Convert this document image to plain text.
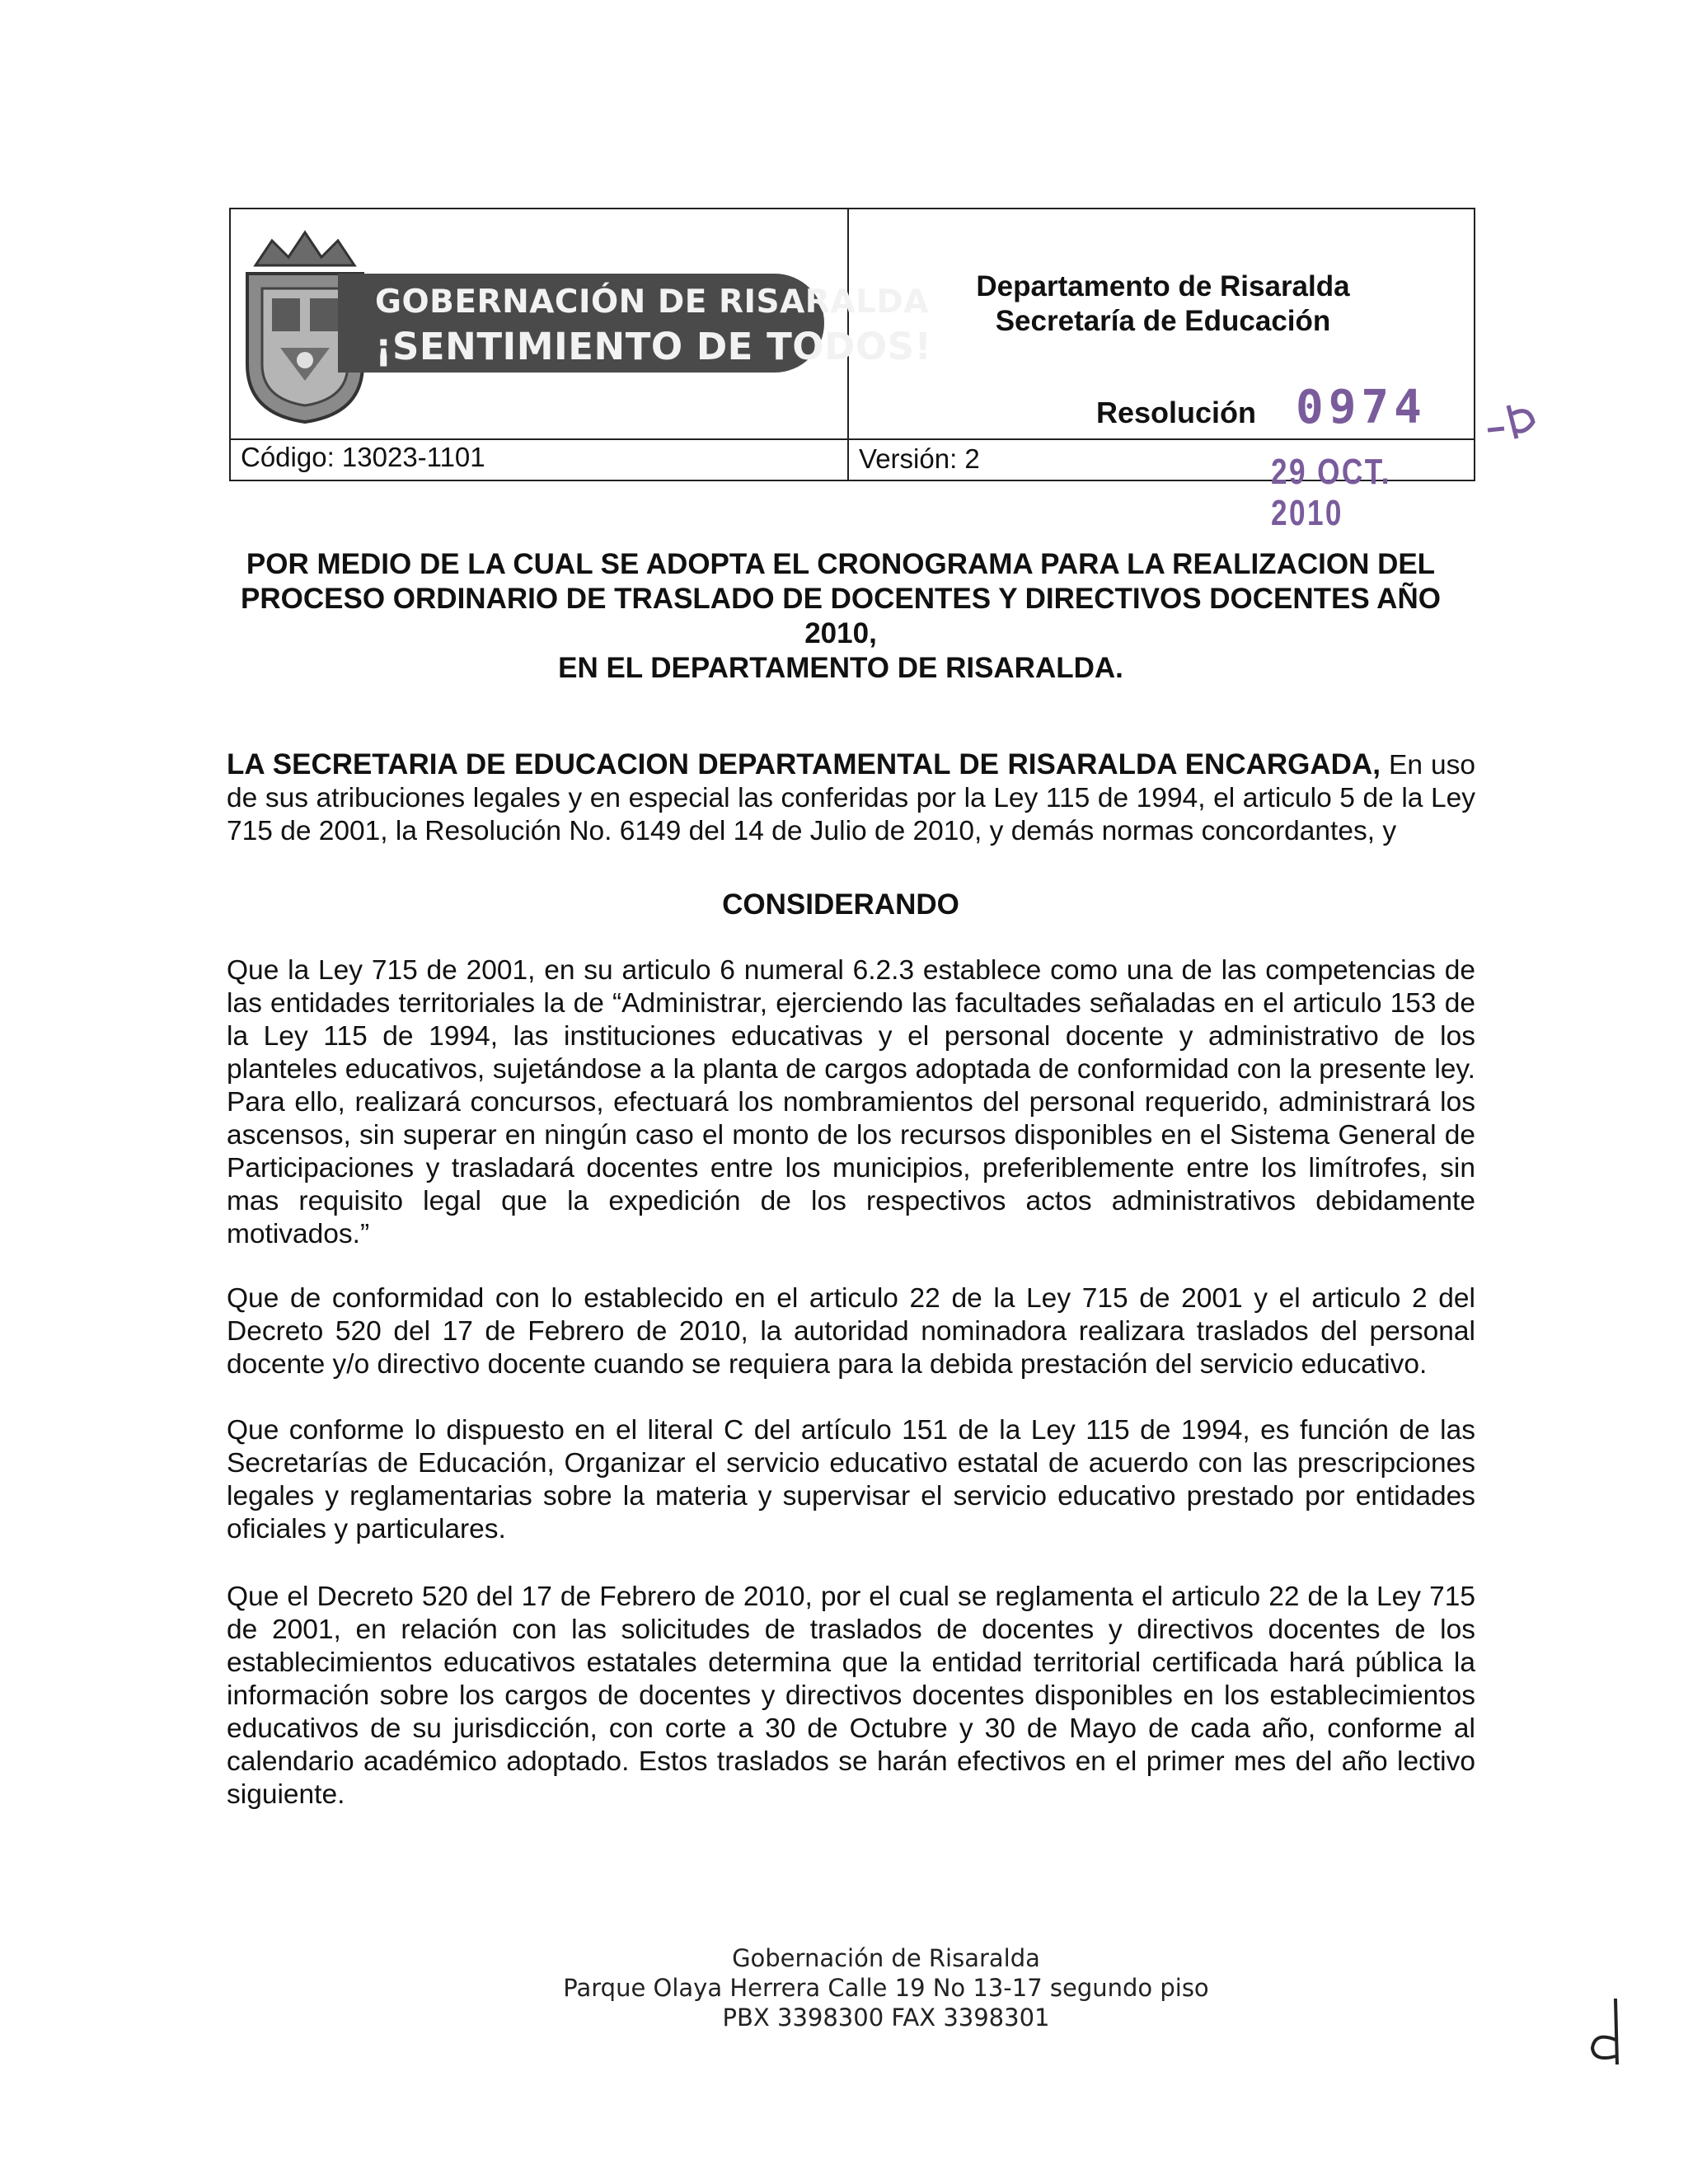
GOBERNACIÓN DE RISARALDA
¡SENTIMIENTO DE TODOS!
Departamento de Risaralda
Secretaría de Educación
Resolución 0974
29 OCT. 2010
Código: 13023-1101	Versión: 2
POR MEDIO DE LA CUAL SE ADOPTA EL CRONOGRAMA PARA LA REALIZACION DEL
PROCESO ORDINARIO DE TRASLADO DE DOCENTES Y DIRECTIVOS DOCENTES AÑO 2010,
EN EL DEPARTAMENTO DE RISARALDA.
LA SECRETARIA DE EDUCACION DEPARTAMENTAL DE RISARALDA ENCARGADA, En uso de sus atribuciones legales y en especial las conferidas por la Ley 115 de 1994, el articulo 5 de la Ley 715 de 2001, la Resolución No. 6149 del 14 de Julio de 2010, y demás normas concordantes, y
CONSIDERANDO
Que la Ley 715 de 2001, en su articulo 6 numeral 6.2.3 establece como una de las competencias de las entidades territoriales la de “Administrar, ejerciendo las facultades señaladas en el articulo 153 de la Ley 115 de 1994, las instituciones educativas y el personal docente y administrativo de los planteles educativos, sujetándose a la planta de cargos adoptada de conformidad con la presente ley. Para ello, realizará concursos, efectuará los nombramientos del personal requerido, administrará los ascensos, sin superar en ningún caso el monto de los recursos disponibles en el Sistema General de Participaciones y trasladará docentes entre los municipios, preferiblemente entre los limítrofes, sin mas requisito legal que la expedición de los respectivos actos administrativos debidamente motivados.”
Que de conformidad con lo establecido en el articulo 22 de la Ley 715 de 2001 y el articulo 2 del Decreto 520 del 17 de Febrero de 2010, la autoridad nominadora realizara traslados del personal docente y/o directivo docente cuando se requiera para la debida prestación del servicio educativo.
Que conforme lo dispuesto en el literal C del artículo 151 de la Ley 115 de 1994, es función de las Secretarías de Educación, Organizar el servicio educativo estatal de acuerdo con las prescripciones legales y reglamentarias sobre la materia y supervisar el servicio educativo prestado por entidades oficiales y particulares.
Que el Decreto 520 del 17 de Febrero de 2010, por el cual se reglamenta el articulo 22 de la Ley 715 de 2001, en relación con las solicitudes de traslados de docentes y directivos docentes de los establecimientos educativos estatales determina que la entidad territorial certificada hará pública la información sobre los cargos de docentes y directivos docentes disponibles en los establecimientos educativos de su jurisdicción, con corte a 30 de Octubre y 30 de Mayo de cada año, conforme al calendario académico adoptado. Estos traslados se harán efectivos en el primer mes del año lectivo siguiente.
Gobernación de Risaralda
Parque Olaya Herrera Calle 19 No 13-17 segundo piso
PBX 3398300 FAX 3398301
